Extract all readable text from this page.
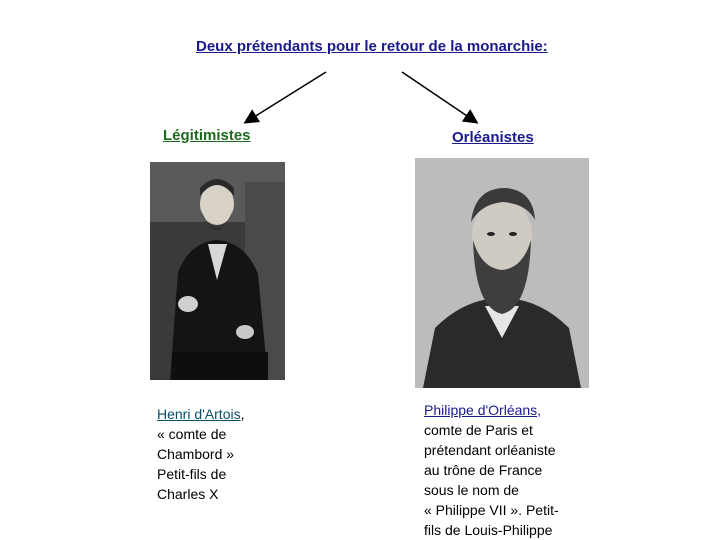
Deux prétendants pour le retour de la monarchie:
Légitimistes	Orléanistes
Henri d'Artois,
« comte de
Chambord »
Petit-fils de
Charles X
Philippe d'Orléans,
comte de Paris et
prétendant orléaniste
au trône de France
sous le nom de
« Philippe VII ». Petit-
fils de Louis-Philippe
